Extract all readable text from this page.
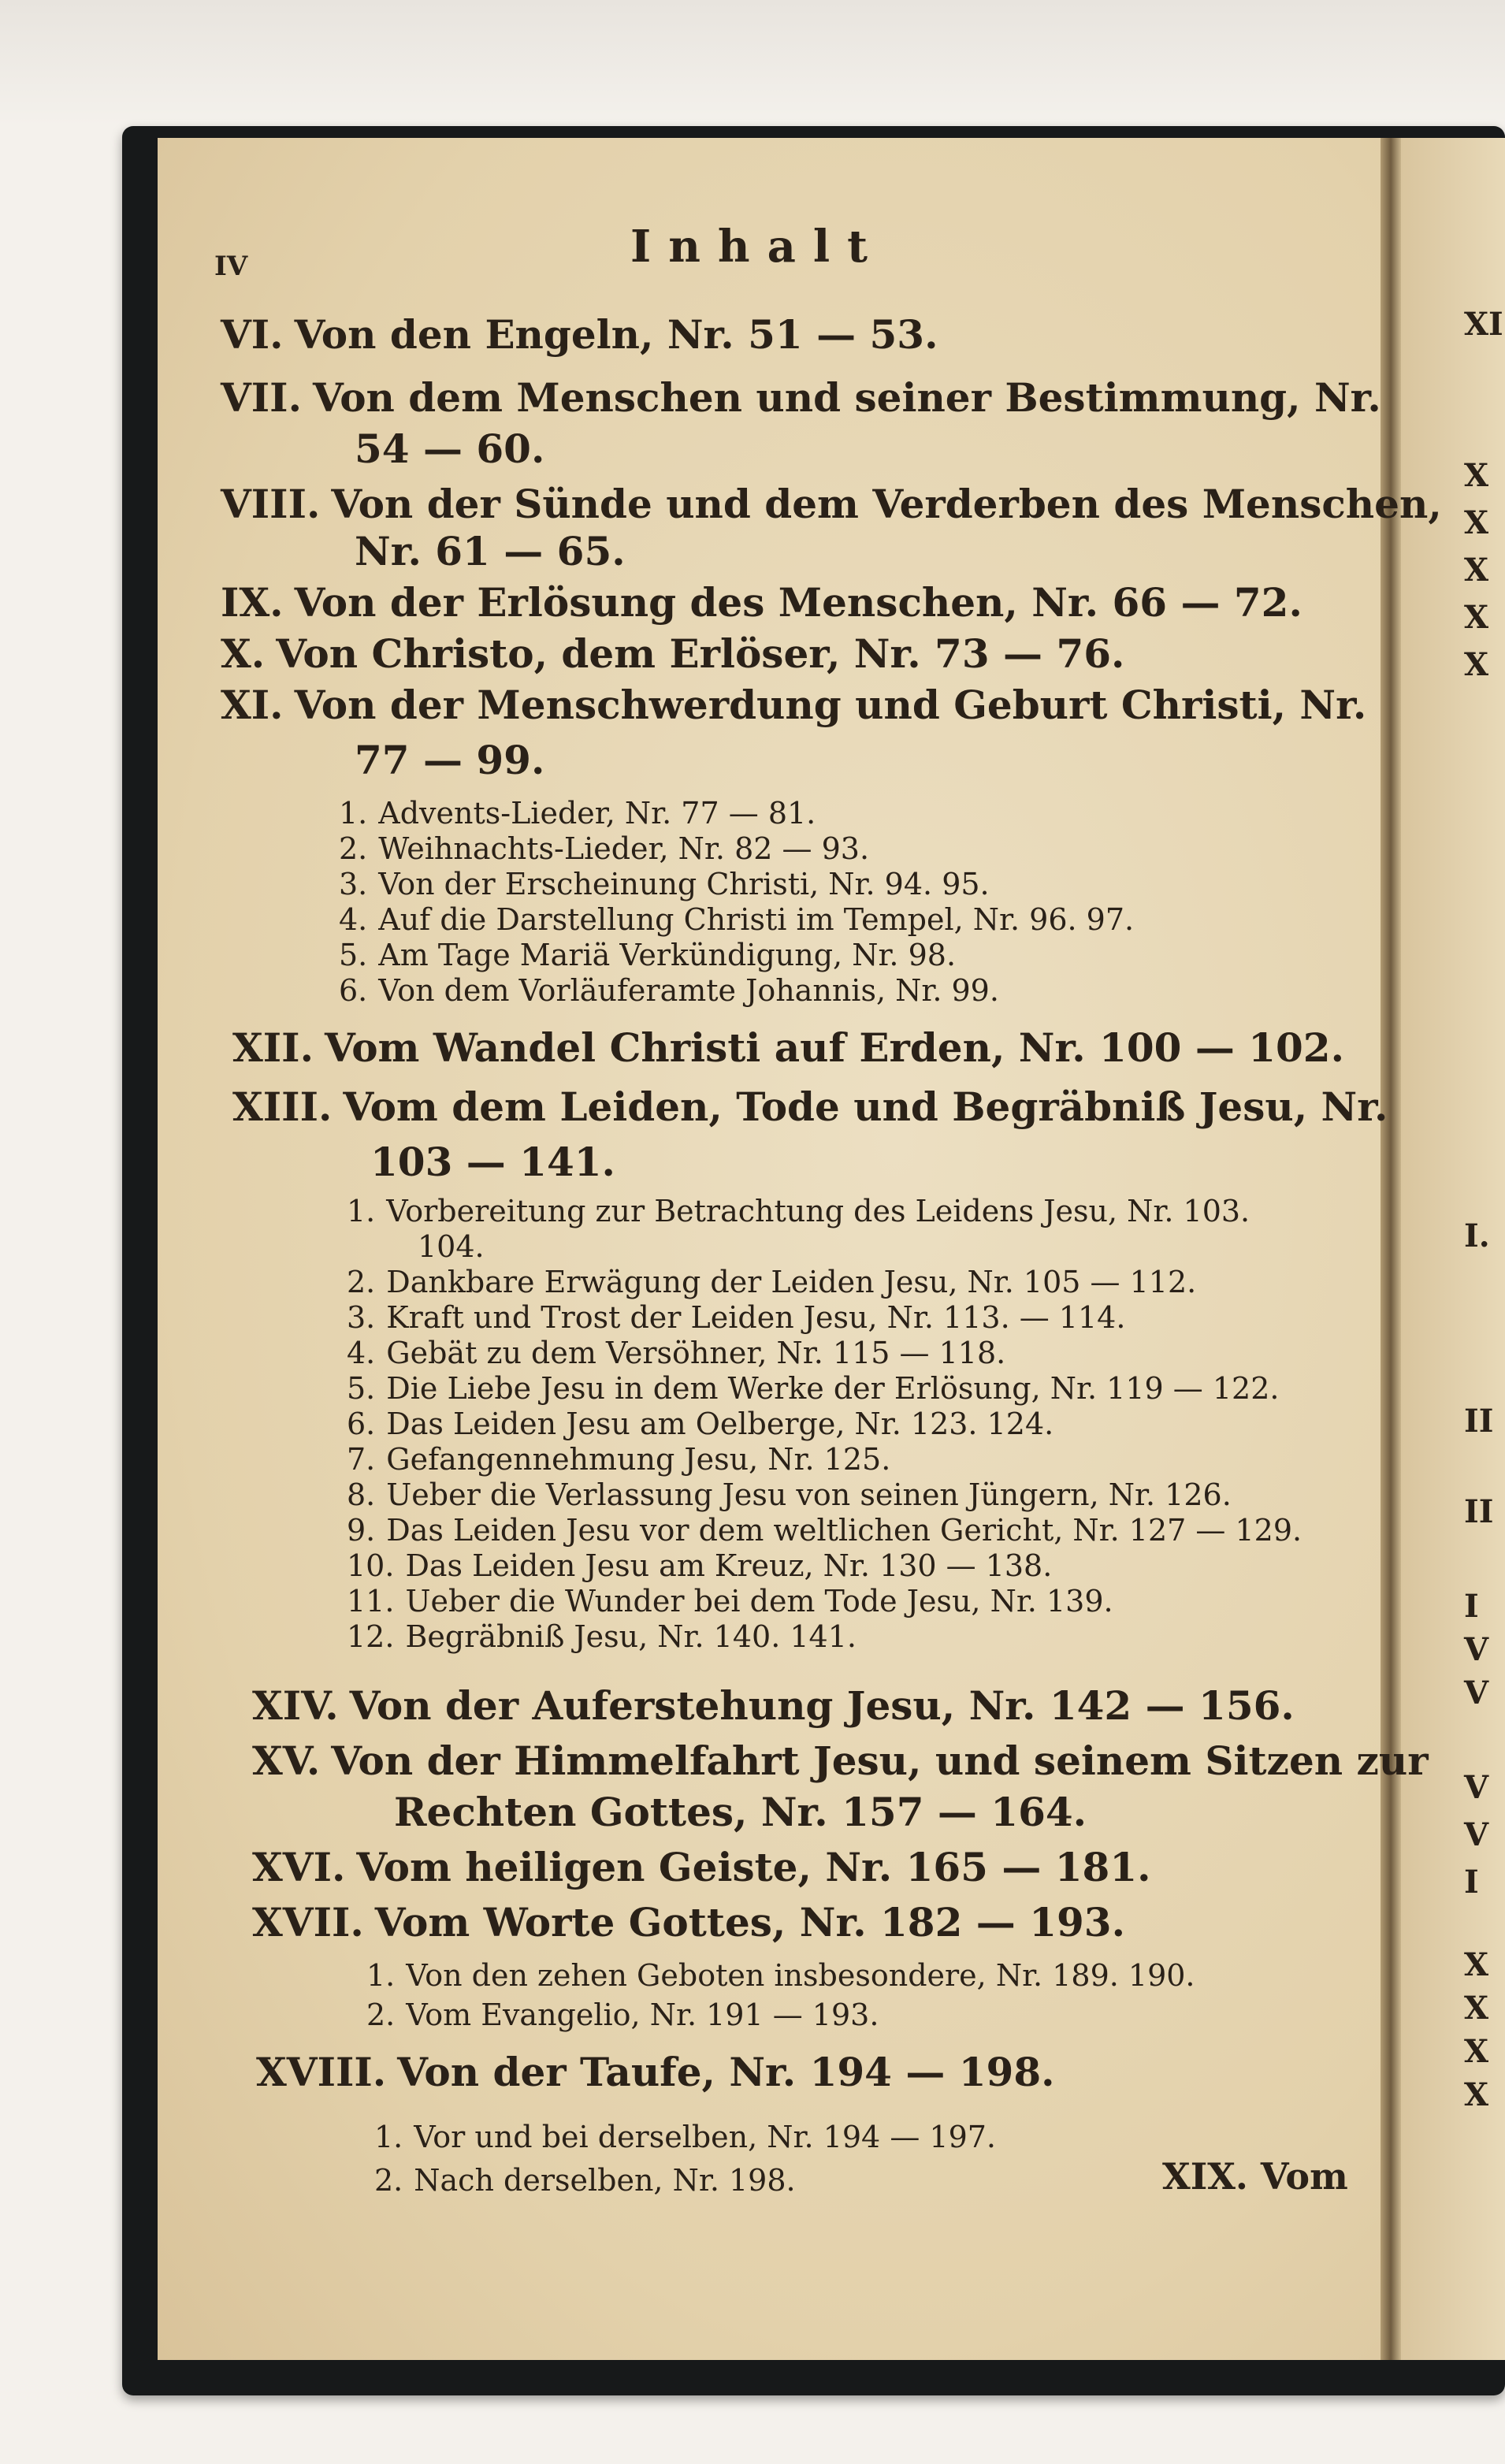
XI
X
X
X
X
X
I.
II
II
I
V
V
V
V
I
X
X
X
X
IV	Inhalt
VI. Von den Engeln, Nr. 51 — 53.
VII. Von dem Menschen und seiner Bestimmung, Nr.
54 — 60.
VIII. Von der Sünde und dem Verderben des Menschen,
Nr. 61 — 65.
IX. Von der Erlösung des Menschen, Nr. 66 — 72.
X. Von Christo, dem Erlöser, Nr. 73 — 76.
XI. Von der Menschwerdung und Geburt Christi, Nr.
77 — 99.
1. Advents-Lieder, Nr. 77 — 81.
2. Weihnachts-Lieder, Nr. 82 — 93.
3. Von der Erscheinung Christi, Nr. 94. 95.
4. Auf die Darstellung Christi im Tempel, Nr. 96. 97.
5. Am Tage Mariä Verkündigung, Nr. 98.
6. Von dem Vorläuferamte Johannis, Nr. 99.
XII. Vom Wandel Christi auf Erden, Nr. 100 — 102.
XIII. Vom dem Leiden, Tode und Begräbniß Jesu, Nr.
103 — 141.
1. Vorbereitung zur Betrachtung des Leidens Jesu, Nr. 103.
104.
2. Dankbare Erwägung der Leiden Jesu, Nr. 105 — 112.
3. Kraft und Trost der Leiden Jesu, Nr. 113. — 114.
4. Gebät zu dem Versöhner, Nr. 115 — 118.
5. Die Liebe Jesu in dem Werke der Erlösung, Nr. 119 — 122.
6. Das Leiden Jesu am Oelberge, Nr. 123. 124.
7. Gefangennehmung Jesu, Nr. 125.
8. Ueber die Verlassung Jesu von seinen Jüngern, Nr. 126.
9. Das Leiden Jesu vor dem weltlichen Gericht, Nr. 127 — 129.
10. Das Leiden Jesu am Kreuz, Nr. 130 — 138.
11. Ueber die Wunder bei dem Tode Jesu, Nr. 139.
12. Begräbniß Jesu, Nr. 140. 141.
XIV. Von der Auferstehung Jesu, Nr. 142 — 156.
XV. Von der Himmelfahrt Jesu, und seinem Sitzen zur
Rechten Gottes, Nr. 157 — 164.
XVI. Vom heiligen Geiste, Nr. 165 — 181.
XVII. Vom Worte Gottes, Nr. 182 — 193.
1. Von den zehen Geboten insbesondere, Nr. 189. 190.
2. Vom Evangelio, Nr. 191 — 193.
XVIII. Von der Taufe, Nr. 194 — 198.
1. Vor und bei derselben, Nr. 194 — 197.
2. Nach derselben, Nr. 198.	XIX. Vom
